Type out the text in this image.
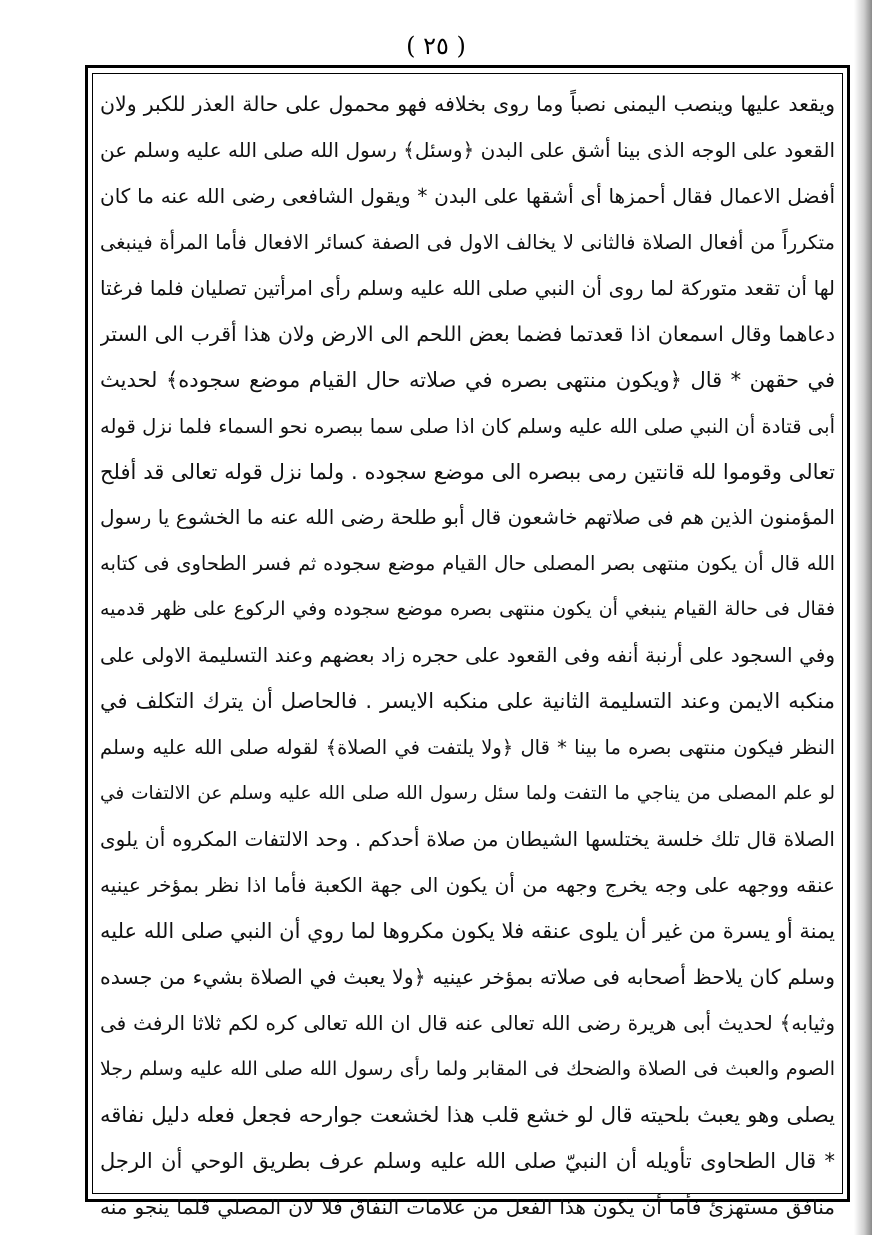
( ٢٥ )
ويقعد عليها وينصب اليمنى نصباً وما روى بخلافه فهو محمول على حالة العذر للكبر ولان
القعود على الوجه الذى بينا أشق على البدن ﴿وسئل﴾ رسول الله صلى الله عليه وسلم عن
أفضل الاعمال فقال أحمزها أى أشقها على البدن * ويقول الشافعى رضى الله عنه ما كان
متكرراً من أفعال الصلاة فالثانى لا يخالف الاول فى الصفة كسائر الافعال فأما المرأة فينبغى
لها أن تقعد متوركة لما روى أن النبي صلى الله عليه وسلم رأى امرأتين تصليان فلما فرغتا
دعاهما وقال اسمعان اذا قعدتما فضما بعض اللحم الى الارض ولان هذا أقرب الى الستر
في حقهن * قال ﴿ويكون منتهى بصره في صلاته حال القيام موضع سجوده﴾ لحديث
أبى قتادة أن النبي صلى الله عليه وسلم كان اذا صلى سما ببصره نحو السماء فلما نزل قوله
تعالى وقوموا لله قانتين رمى ببصره الى موضع سجوده . ولما نزل قوله تعالى قد أفلح
المؤمنون الذين هم فى صلاتهم خاشعون قال أبو طلحة رضى الله عنه ما الخشوع يا رسول
الله قال أن يكون منتهى بصر المصلى حال القيام موضع سجوده ثم فسر الطحاوى فى كتابه
فقال فى حالة القيام ينبغي أن يكون منتهى بصره موضع سجوده وفي الركوع على ظهر قدميه
وفي السجود على أرنبة أنفه وفى القعود على حجره زاد بعضهم وعند التسليمة الاولى على
منكبه الايمن وعند التسليمة الثانية على منكبه الايسر . فالحاصل أن يترك التكلف في
النظر فيكون منتهى بصره ما بينا * قال ﴿ولا يلتفت في الصلاة﴾ لقوله صلى الله عليه وسلم
لو علم المصلى من يناجي ما التفت ولما سئل رسول الله صلى الله عليه وسلم عن الالتفات في
الصلاة قال تلك خلسة يختلسها الشيطان من صلاة أحدكم . وحد الالتفات المكروه أن يلوى
عنقه ووجهه على وجه يخرج وجهه من أن يكون الى جهة الكعبة فأما اذا نظر بمؤخر عينيه
يمنة أو يسرة من غير أن يلوى عنقه فلا يكون مكروها لما روي أن النبي صلى الله عليه
وسلم كان يلاحظ أصحابه فى صلاته بمؤخر عينيه ﴿ولا يعبث في الصلاة بشيء من جسده
وثيابه﴾ لحديث أبى هريرة رضى الله تعالى عنه قال ان الله تعالى كره لكم ثلاثا الرفث فى
الصوم والعبث فى الصلاة والضحك فى المقابر ولما رأى رسول الله صلى الله عليه وسلم رجلا
يصلى وهو يعبث بلحيته قال لو خشع قلب هذا لخشعت جوارحه فجعل فعله دليل نفاقه
* قال الطحاوى تأويله أن النبيّ صلى الله عليه وسلم عرف بطريق الوحي أن الرجل
منافق مستهزئ فأما أن يكون هذا الفعل من علامات النفاق فلا لان المصلي قلما ينجو منه
